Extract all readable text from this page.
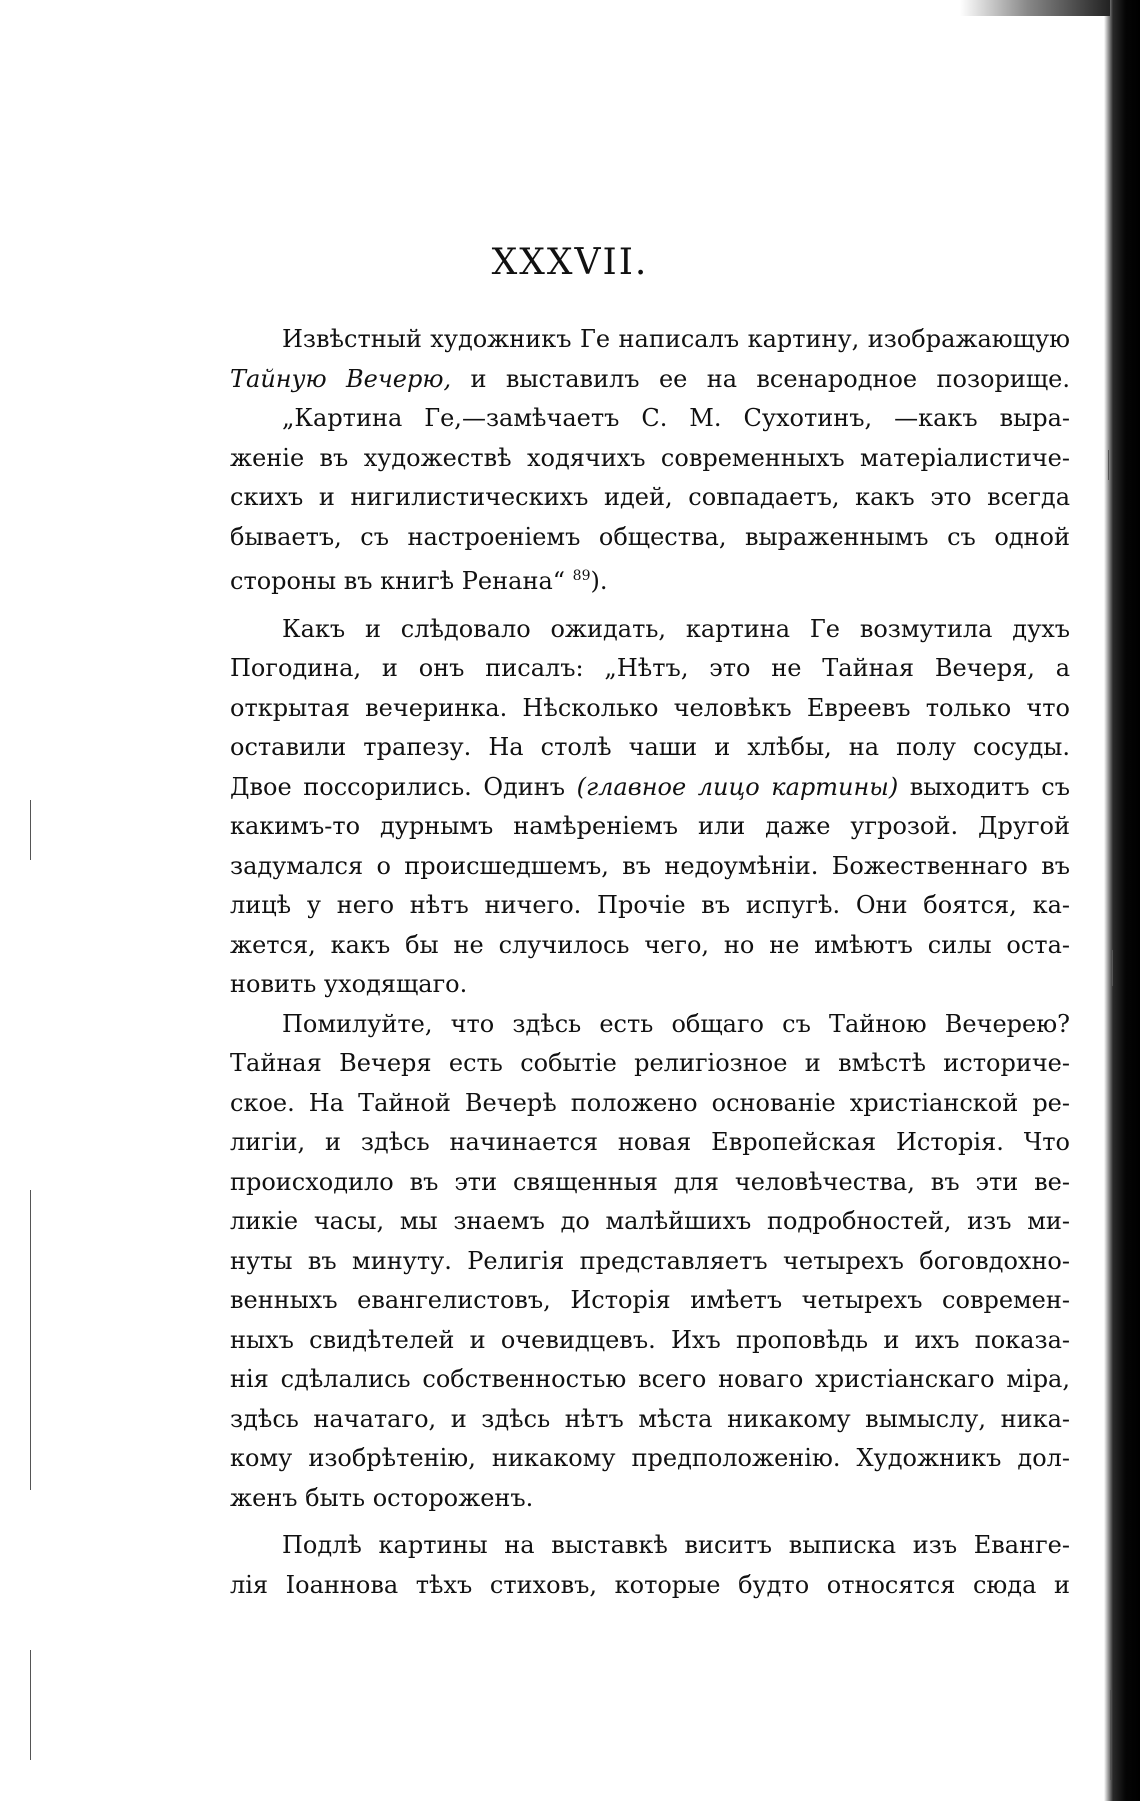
XXXVII.
Извѣстный художникъ Ге написалъ картину, изображающую
Тайную Вечерю, и выставилъ ее на всенародное позорище.
„Картина Ге,—замѣчаетъ С. М. Сухотинъ, —какъ выра-
женіе въ художествѣ ходячихъ современныхъ матеріалистиче-
скихъ и нигилистическихъ идей, совпадаетъ, какъ это всегда
бываетъ, съ настроеніемъ общества, выраженнымъ съ одной
стороны въ книгѣ Ренана“ $^{89}$).
Какъ и слѣдовало ожидать, картина Ге возмутила духъ
Погодина, и онъ писалъ: „Нѣтъ, это не Тайная Вечеря, а
открытая вечеринка. Нѣсколько человѣкъ Евреевъ только что
оставили трапезу. На столѣ чаши и хлѣбы, на полу сосуды.
Двое поссорились. Одинъ (главное лицо картины) выходитъ съ
какимъ-то дурнымъ намѣреніемъ или даже угрозой. Другой
задумался о происшедшемъ, въ недоумѣніи. Божественнаго въ
лицѣ у него нѣтъ ничего. Прочіе въ испугѣ. Они боятся, ка-
жется, какъ бы не случилось чего, но не имѣютъ силы оста-
новить уходящаго.
Помилуйте, что здѣсь есть общаго съ Тайною Вечерею?
Тайная Вечеря есть событіе религіозное и вмѣстѣ историче-
ское. На Тайной Вечерѣ положено основаніе христіанской ре-
лигіи, и здѣсь начинается новая Европейская Исторія. Что
происходило въ эти священныя для человѣчества, въ эти ве-
ликіе часы, мы знаемъ до малѣйшихъ подробностей, изъ ми-
нуты въ минуту. Религія представляетъ четырехъ боговдохно-
венныхъ евангелистовъ, Исторія имѣетъ четырехъ современ-
ныхъ свидѣтелей и очевидцевъ. Ихъ проповѣдь и ихъ показа-
нія сдѣлались собственностью всего новаго христіанскаго міра,
здѣсь начатаго, и здѣсь нѣтъ мѣста никакому вымыслу, ника-
кому изобрѣтенію, никакому предположенію. Художникъ дол-
женъ быть остороженъ.
Подлѣ картины на выставкѣ виситъ выписка изъ Еванге-
лія Іоаннова тѣхъ стиховъ, которые будто относятся сюда и
